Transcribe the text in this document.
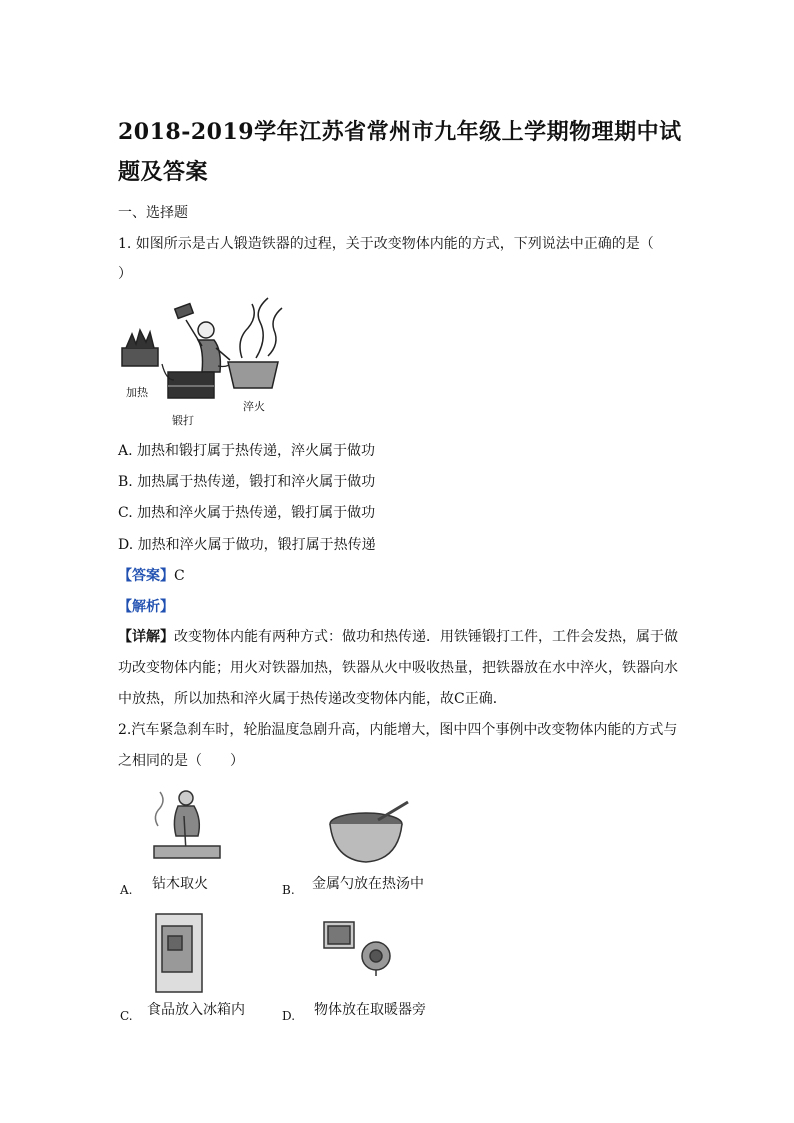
2018-2019学年江苏省常州市九年级上学期物理期中试题及答案
一、选择题
1. 如图所示是古人锻造铁器的过程，关于改变物体内能的方式，下列说法中正确的是（
）
加热
锻打
淬火
A. 加热和锻打属于热传递，淬火属于做功
B. 加热属于热传递，锻打和淬火属于做功
C. 加热和淬火属于热传递，锻打属于做功
D. 加热和淬火属于做功，锻打属于热传递
【答案】C
【解析】
【详解】改变物体内能有两种方式：做功和热传递．用铁锤锻打工件，工件会发热，属于做功改变物体内能；用火对铁器加热，铁器从火中吸收热量，把铁器放在水中淬火，铁器向水中放热，所以加热和淬火属于热传递改变物体内能，故C正确．
2.汽车紧急刹车时，轮胎温度急剧升高，内能增大，图中四个事例中改变物体内能的方式与之相同的是（　　）
A. 钻木取火	B. 金属勺放在热汤中
C. 食品放入冰箱内	D. 物体放在取暖器旁
